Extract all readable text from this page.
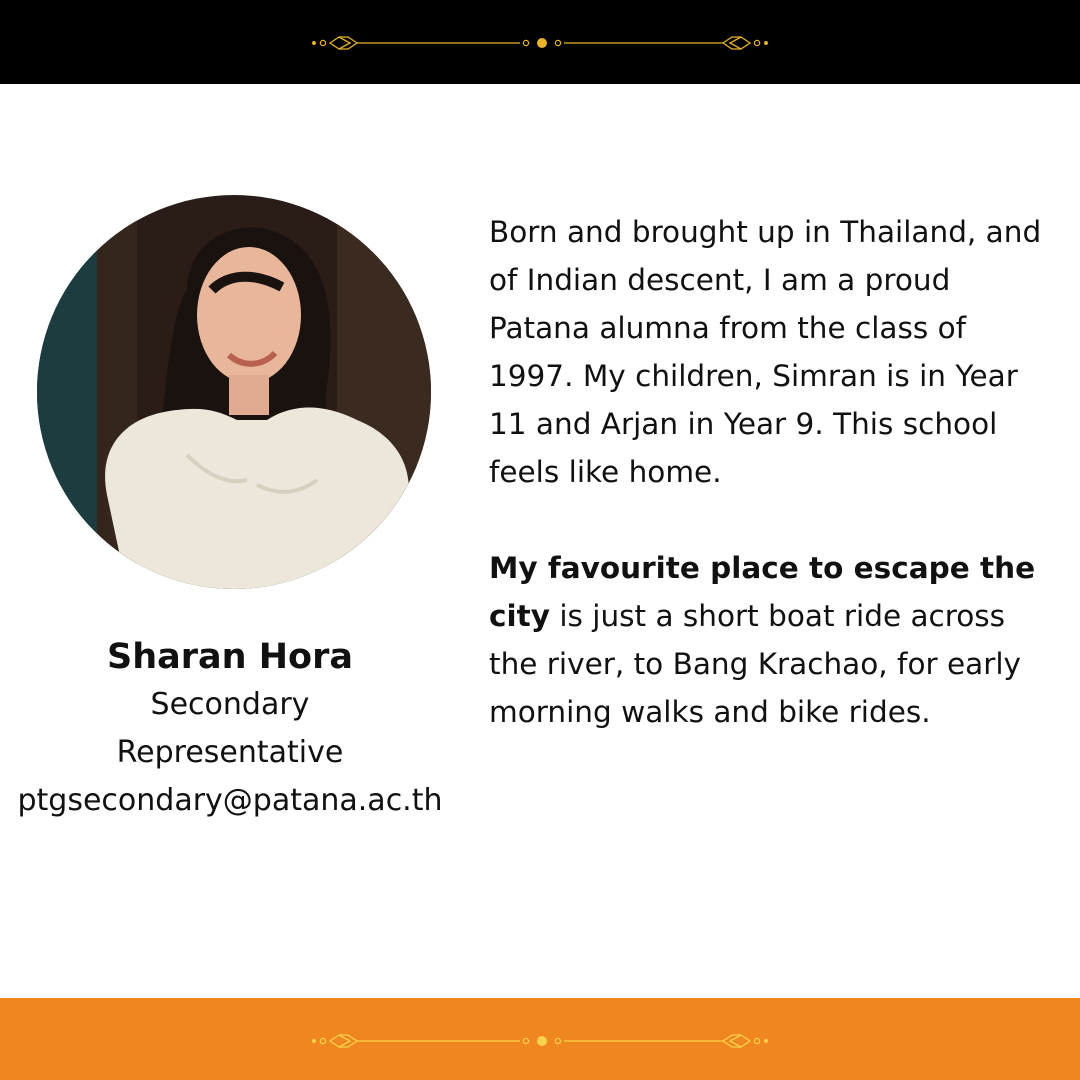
Sharan Hora
Secondary Representative
ptgsecondary@patana.ac.th

Born and brought up in Thailand, and of Indian descent, I am a proud Patana alumna from the class of 1997. My children, Simran is in Year 11 and Arjan in Year 9. This school feels like home.

My favourite place to escape the city is just a short boat ride across the river, to Bang Krachao, for early morning walks and bike rides.
